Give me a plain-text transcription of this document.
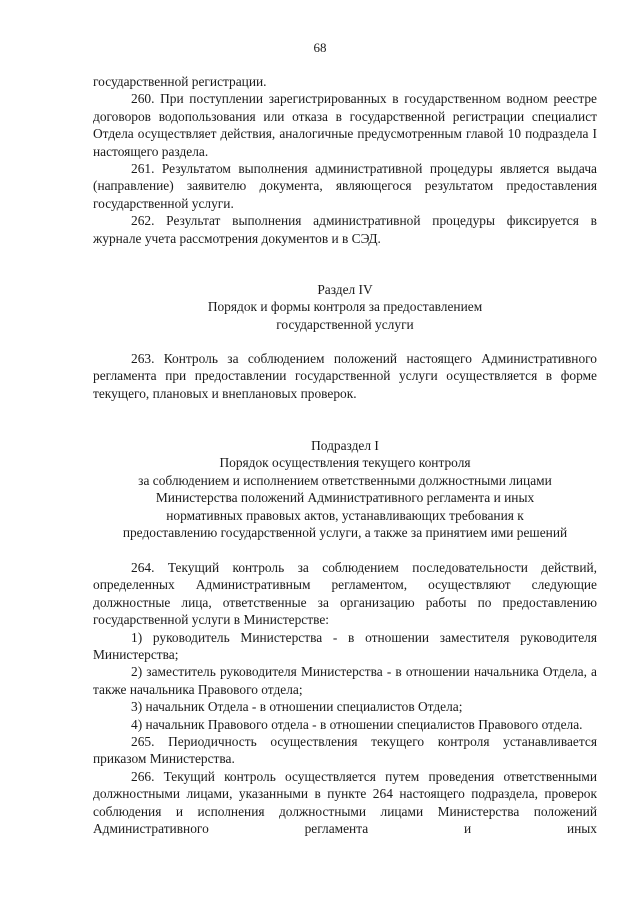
68

государственной регистрации.

260. При поступлении зарегистрированных в государственном водном реестре договоров водопользования или отказа в государственной регистрации специалист Отдела осуществляет действия, аналогичные предусмотренным главой 10 подраздела I настоящего раздела.

261. Результатом выполнения административной процедуры является выдача (направление) заявителю документа, являющегося результатом предоставления государственной услуги.

262. Результат выполнения административной процедуры фиксируется в журнале учета рассмотрения документов и в СЭД.

Раздел IV

Порядок и формы контроля за предоставлением

государственной услуги

263. Контроль за соблюдением положений настоящего Административного регламента при предоставлении государственной услуги осуществляется в форме текущего, плановых и внеплановых проверок.

Подраздел I

Порядок осуществления текущего контроля

за соблюдением и исполнением ответственными должностными лицами

Министерства положений Административного регламента и иных

нормативных правовых актов, устанавливающих требования к

предоставлению государственной услуги, а также за принятием ими решений

264. Текущий контроль за соблюдением последовательности действий, определенных Административным регламентом, осуществляют следующие должностные лица, ответственные за организацию работы по предоставлению государственной услуги в Министерстве:

1) руководитель Министерства - в отношении заместителя руководителя Министерства;

2) заместитель руководителя Министерства - в отношении начальника Отдела, а также начальника Правового отдела;

3) начальник Отдела - в отношении специалистов Отдела;

4) начальник Правового отдела - в отношении специалистов Правового отдела.

265. Периодичность осуществления текущего контроля устанавливается приказом Министерства.

266. Текущий контроль осуществляется путем проведения ответственными должностными лицами, указанными в пункте 264 настоящего подраздела, проверок соблюдения и исполнения должностными лицами Министерства положений Административного регламента и иных
